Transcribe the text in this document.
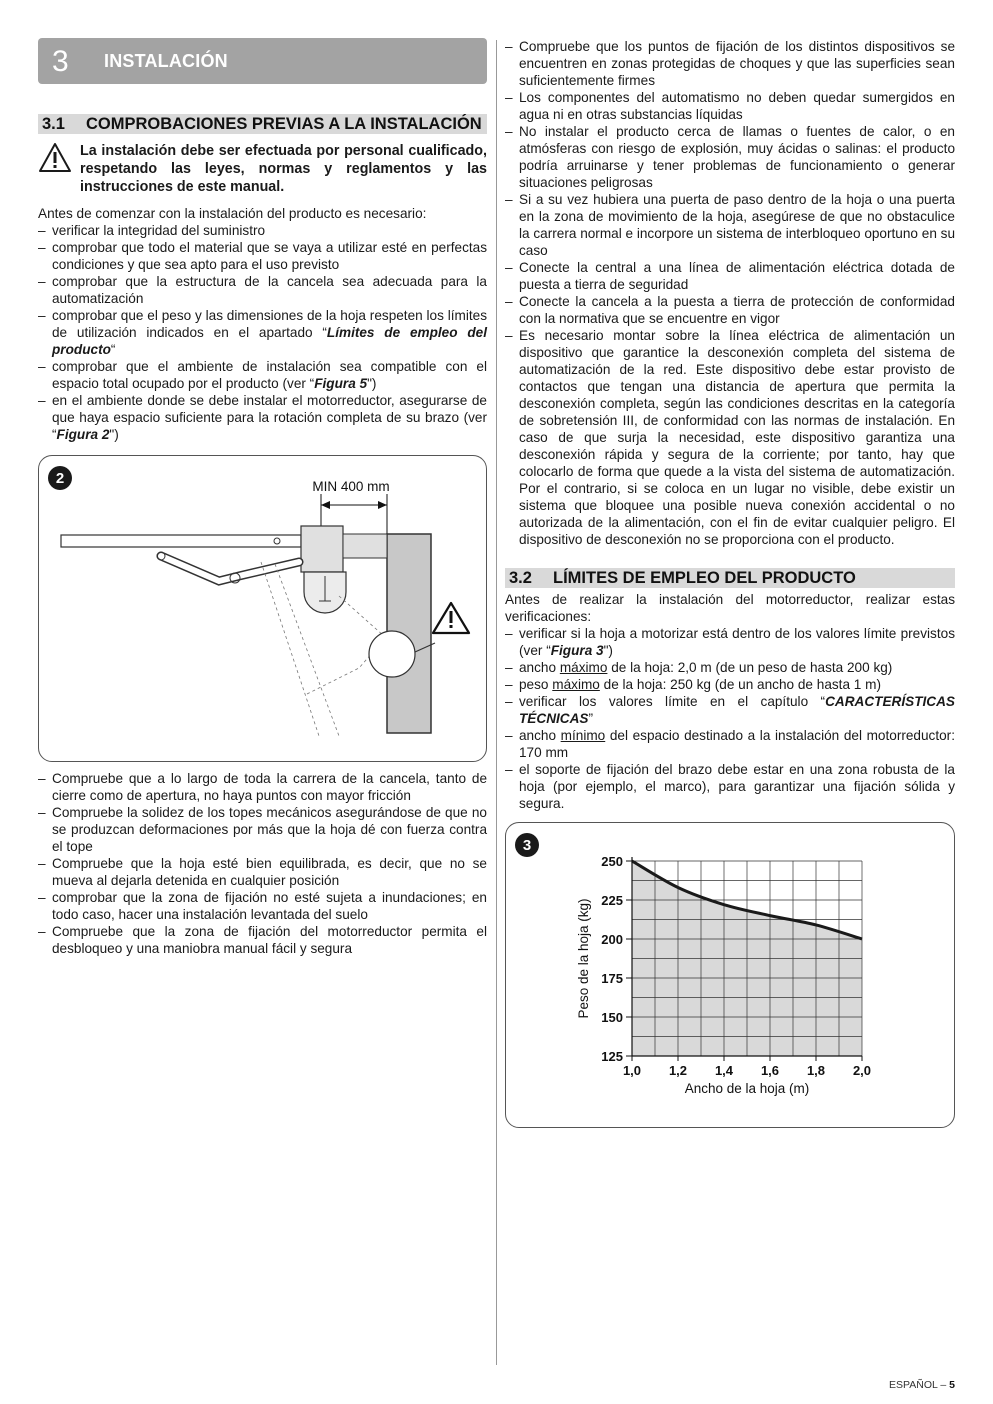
3	INSTALACIÓN
3.1	COMPROBACIONES PREVIAS A LA INSTALACIÓN
La instalación debe ser efectuada por personal cualificado, respetando las leyes, normas y reglamentos y las instrucciones de este manual.

Antes de comenzar con la instalación del producto es necesario:

– verificar la integridad del suministro
– comprobar que todo el material que se vaya a utilizar esté en perfectas condiciones y que sea apto para el uso previsto
– comprobar que la estructura de la cancela sea adecuada para la automatización
– comprobar que el peso y las dimensiones de la hoja respeten los límites de utilización indicados en el apartado “Límites de empleo del producto“
– comprobar que el ambiente de instalación sea compatible con el espacio total ocupado por el producto (ver “Figura 5")
– en el ambiente donde se debe instalar el motorreductor, asegurarse de que haya espacio suficiente para la rotación completa de su brazo (ver “Figura 2")
2	MIN 400 mm
– Compruebe que a lo largo de toda la carrera de la cancela, tanto de cierre como de apertura, no haya puntos con mayor fricción
– Compruebe la solidez de los topes mecánicos asegurándose de que no se produzcan deformaciones por más que la hoja dé con fuerza contra el tope
– Compruebe que la hoja esté bien equilibrada, es decir, que no se mueva al dejarla detenida en cualquier posición
– comprobar que la zona de fijación no esté sujeta a inundaciones; en todo caso, hacer una instalación levantada del suelo
– Compruebe que la zona de fijación del motorreductor permita el desbloqueo y una maniobra manual fácil y segura
– Compruebe que los puntos de fijación de los distintos dispositivos se encuentren en zonas protegidas de choques y que las superficies sean suficientemente firmes
– Los componentes del automatismo no deben quedar sumergidos en agua ni en otras substancias líquidas
– No instalar el producto cerca de llamas o fuentes de calor, o en atmósferas con riesgo de explosión, muy ácidas o salinas: el producto podría arruinarse y tener problemas de funcionamiento o generar situaciones peligrosas
– Si a su vez hubiera una puerta de paso dentro de la hoja o una puerta en la zona de movimiento de la hoja, asegúrese de que no obstaculice la carrera normal e incorpore un sistema de interbloqueo oportuno en su caso
– Conecte la central a una línea de alimentación eléctrica dotada de puesta a tierra de seguridad
– Conecte la cancela a la puesta a tierra de protección de conformidad con la normativa que se encuentre en vigor
– Es necesario montar sobre la línea eléctrica de alimentación un dispositivo que garantice la desconexión completa del sistema de automatización de la red. Este dispositivo debe estar provisto de contactos que tengan una distancia de apertura que permita la desconexión completa, según las condiciones descritas en la categoría de sobretensión III, de conformidad con las normas de instalación. En caso de que surja la necesidad, este dispositivo garantiza una desconexión rápida y segura de la corriente; por tanto, hay que colocarlo de forma que quede a la vista del sistema de automatización. Por el contrario, si se coloca en un lugar no visible, debe existir un sistema que bloquee una posible nueva conexión accidental o no autorizada de la alimentación, con el fin de evitar cualquier peligro. El dispositivo de desconexión no se proporciona con el producto.
3.2	LÍMITES DE EMPLEO DEL PRODUCTO

Antes de realizar la instalación del motorreductor, realizar estas verificaciones:

– verificar si la hoja a motorizar está dentro de los valores límite previstos (ver “Figura 3")
– ancho máximo de la hoja: 2,0 m (de un peso de hasta 200 kg)
– peso máximo de la hoja: 250 kg (de un ancho de hasta 1 m)
– verificar los valores límite en el capítulo “CARACTERÍSTICAS TÉCNICAS”
– ancho mínimo del espacio destinado a la instalación del motorreductor: 170 mm
– el soporte de fijación del brazo debe estar en una zona robusta de la hoja (por ejemplo, el marco), para garantizar una fijación sólida y segura.
3
125
150
175
200
225
250
1,0 1,2 1,4 1,6 1,8 2,0
Ancho de la hoja (m)
Peso de la hoja (kg)
ESPAÑOL – 5
